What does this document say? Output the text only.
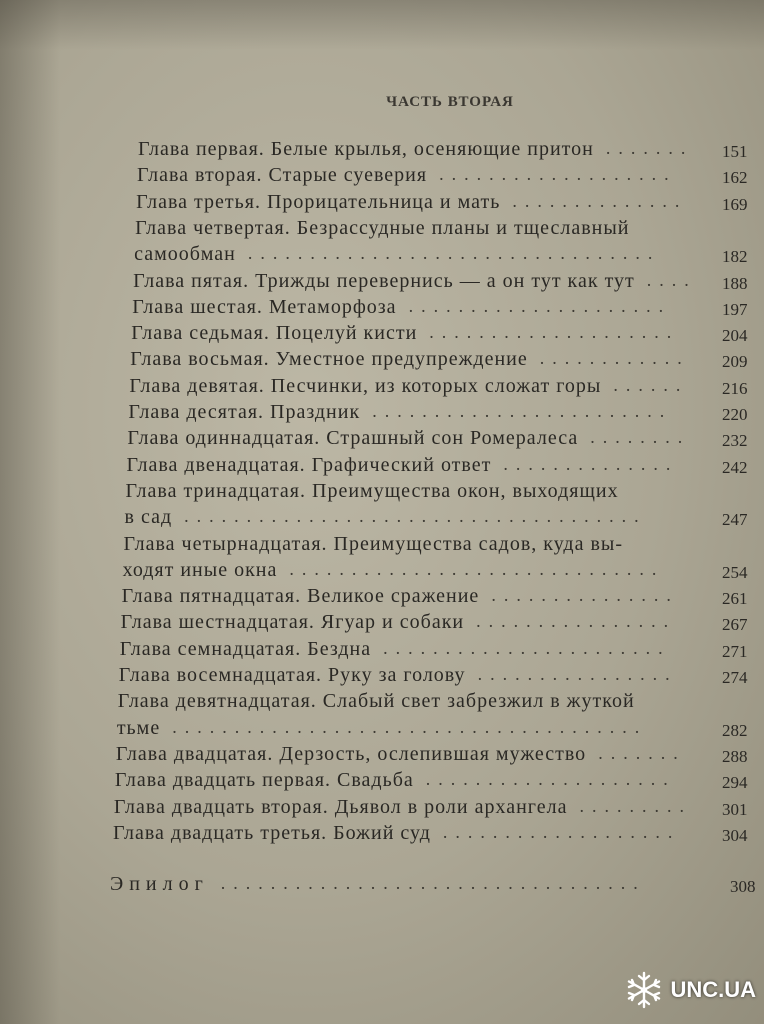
ЧАСТЬ ВТОРАЯ
Глава первая. Белые крылья, осеняющие притон	151
.......
Глава вторая. Старые суеверия	162
...................
Глава третья. Прорицательница и мать	169
..............
Глава четвертая. Безрассудные планы и тщеславный
самообман	182
.................................
Глава пятая. Трижды перевернись — а он тут как тут	188
....
Глава шестая. Метаморфоза	197
.....................
Глава седьмая. Поцелуй кисти	204
....................
Глава восьмая. Уместное предупреждение	209
............
Глава девятая. Песчинки, из которых сложат горы	216
......
Глава десятая. Праздник	220
........................
Глава одиннадцатая. Страшный сон Ромералеса	232
........
Глава двенадцатая. Графический ответ	242
..............
Глава тринадцатая. Преимущества окон, выходящих
в сад	247
.....................................
Глава четырнадцатая. Преимущества садов, куда вы-
ходят иные окна	254
..............................
Глава пятнадцатая. Великое сражение	261
...............
Глава шестнадцатая. Ягуар и собаки	267
................
Глава семнадцатая. Бездна	271
.......................
Глава восемнадцатая. Руку за голову	274
................
Глава девятнадцатая. Слабый свет забрезжил в жуткой
тьме	282
......................................
Глава двадцатая. Дерзость, ослепившая мужество	288
.......
Глава двадцать первая. Свадьба	294
....................
Глава двадцать вторая. Дьявол в роли архангела	301
.........
Глава двадцать третья. Божий суд	304
...................
Эпилог	308
..................................
UNC.UA
